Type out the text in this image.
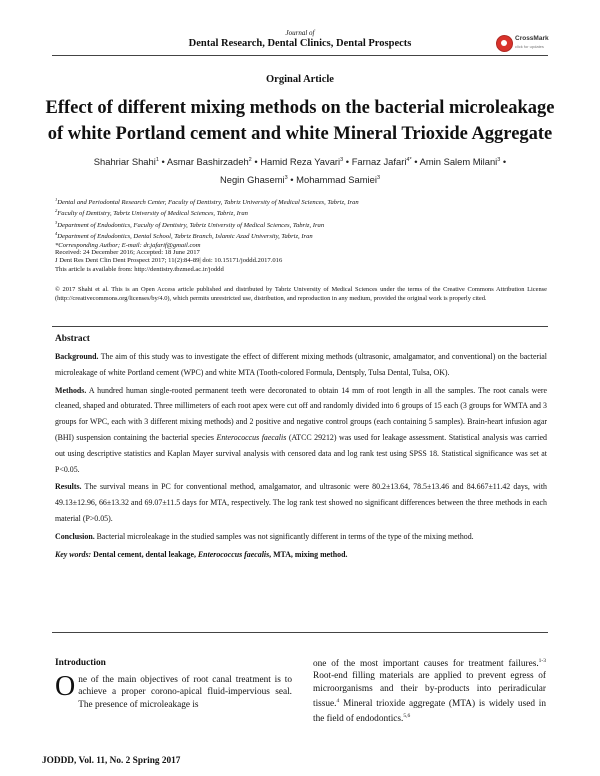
Journal of
Dental Research, Dental Clinics, Dental Prospects	CrossMark
click for updates
Orginal Article
Effect of different mixing methods on the bacterial microleakage of white Portland cement and white Mineral Trioxide Aggregate
Shahriar Shahi$^1$ • Asmar Bashirzadeh$^2$ • Hamid Reza Yavari$^3$ • Farnaz Jafari$^{4*}$ • Amin Salem Milani$^3$ •
Negin Ghasemi$^3$ • Mohammad Samiei$^3$
$^1$Dental and Periodontal Research Center, Faculty of Dentistry, Tabriz University of Medical Sciences, Tabriz, Iran
$^2$Faculty of Dentistry, Tabriz University of Medical Sciences, Tabriz, Iran
$^3$Department of Endodontics, Faculty of Dentistry, Tabriz University of Medical Sciences, Tabriz, Iran
$^4$Department of Endodontics, Dental School, Tabriz Branch, Islamic Azad University, Tabriz, Iran
*Corresponding Author; E-mail: dr.jafarif@gmail.com
Received: 24 December 2016; Accepted: 18 June 2017
J Dent Res Dent Clin Dent Prospect 2017; 11(2):84-89| doi: 10.15171/joddd.2017.016
This article is available from: http://dentistry.tbzmed.ac.ir/joddd
© 2017 Shahi et al. This is an Open Access article published and distributed by Tabriz University of Medical Sciences under the terms of the Creative Commons Attribution License (http://creativecommons.org/licenses/by/4.0), which permits unrestricted use, distribution, and reproduction in any medium, provided the original work is properly cited.
Abstract

Background. The aim of this study was to investigate the effect of different mixing methods (ultrasonic, amalgamator, and conventional) on the bacterial microleakage of white Portland cement (WPC) and white MTA (Tooth-colored Formula, Dentsply, Tulsa Dental, Tulsa, OK).

Methods. A hundred human single-rooted permanent teeth were decoronated to obtain 14 mm of root length in all the samples. The root canals were cleaned, shaped and obturated. Three millimeters of each root apex were cut off and randomly divided into 6 groups of 15 each (3 groups for WMTA and 3 groups for WPC, each with 3 different mixing methods) and 2 positive and negative control groups (each containing 5 samples). Brain-heart infusion agar (BHI) suspension containing the bacterial species Enterococcus faecalis (ATCC 29212) was used for leakage assessment. Statistical analysis was carried out using descriptive statistics and Kaplan Mayer survival analysis with censored data and log rank test using SPSS 18. Statistical significance was set at P<0.05.

Results. The survival means in PC for conventional method, amalgamator, and ultrasonic were 80.2±13.64, 78.5±13.46 and 84.667±11.42 days, with 49.13±12.96, 66±13.32 and 69.07±11.5 days for MTA, respectively. The log rank test showed no significant differences between the three methods in each material (P>0.05).

Conclusion. Bacterial microleakage in the studied samples was not significantly different in terms of the type of the mixing method.

Key words: Dental cement, dental leakage, Enterococcus faecalis, MTA, mixing method.

Introduction
One of the main objectives of root canal treatment is to achieve a proper corono-apical fluid-impervious seal. The presence of microleakage is
one of the most important causes for treatment failures.$^{1-3}$ Root-end filling materials are applied to prevent egress of microorganisms and their by-products into periradicular tissue.$^4$ Mineral trioxide aggregate (MTA) is widely used in the field of endodontics.$^{5,6}$
JODDD, Vol. 11, No. 2 Spring 2017
